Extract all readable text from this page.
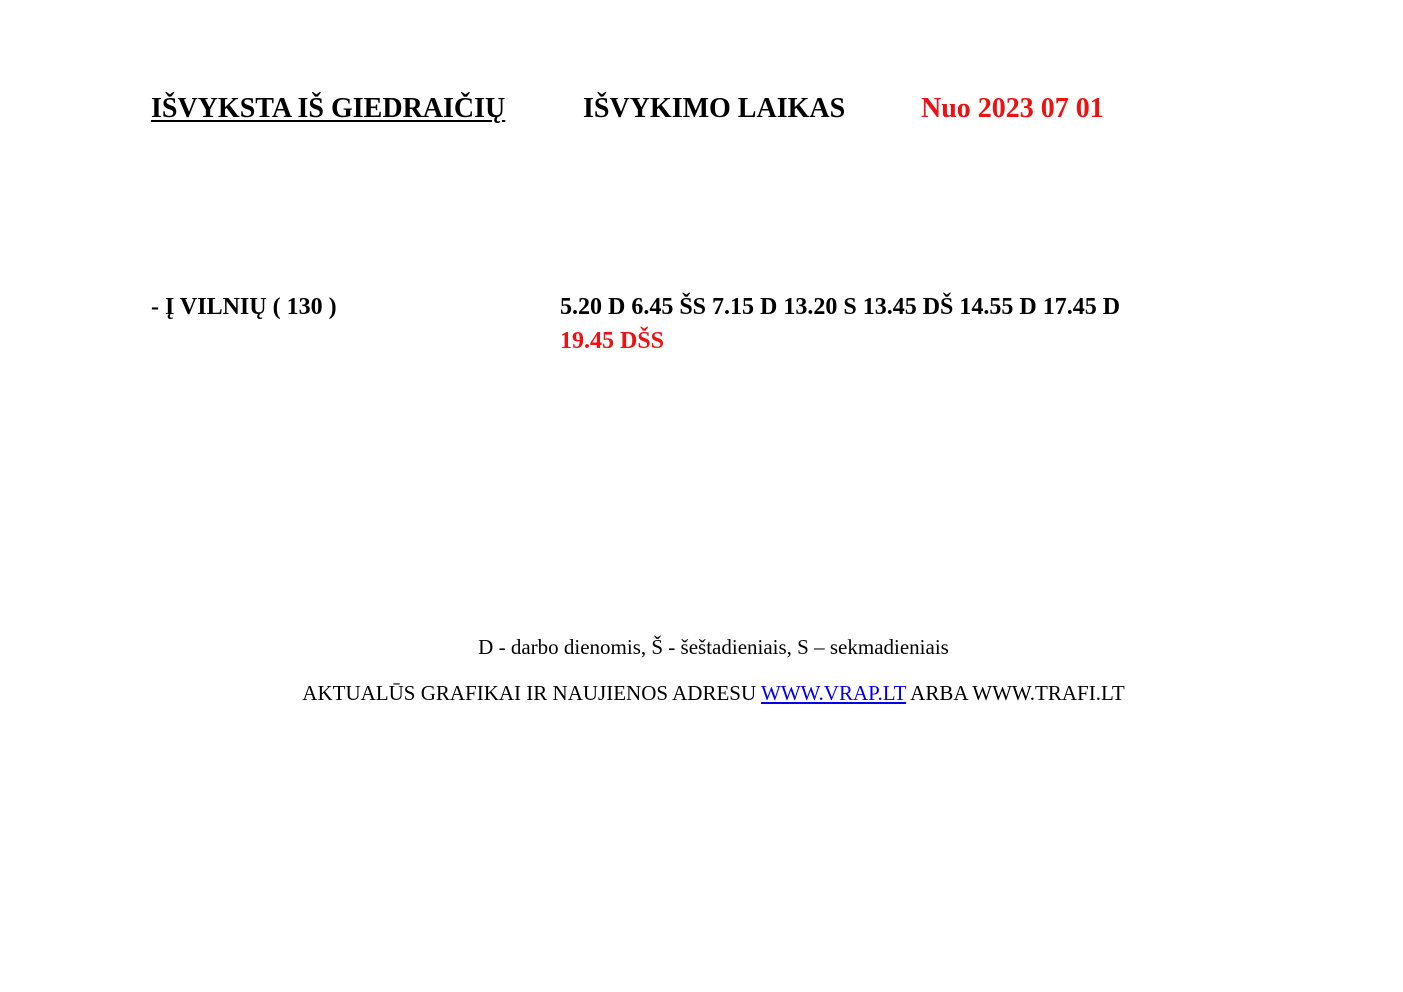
IŠVYKSTA IŠ GIEDRAIČIŲ	IŠVYKIMO LAIKAS	Nuo 2023 07 01
- Į VILNIŲ ( 130 )	5.20 D 6.45 ŠS 7.15 D 13.20 S 13.45 DŠ 14.55 D 17.45 D
19.45 DŠS
D - darbo dienomis, Š - šeštadieniais, S – sekmadieniais
AKTUALŪS GRAFIKAI IR NAUJIENOS ADRESU WWW.VRAP.LT ARBA WWW.TRAFI.LT
